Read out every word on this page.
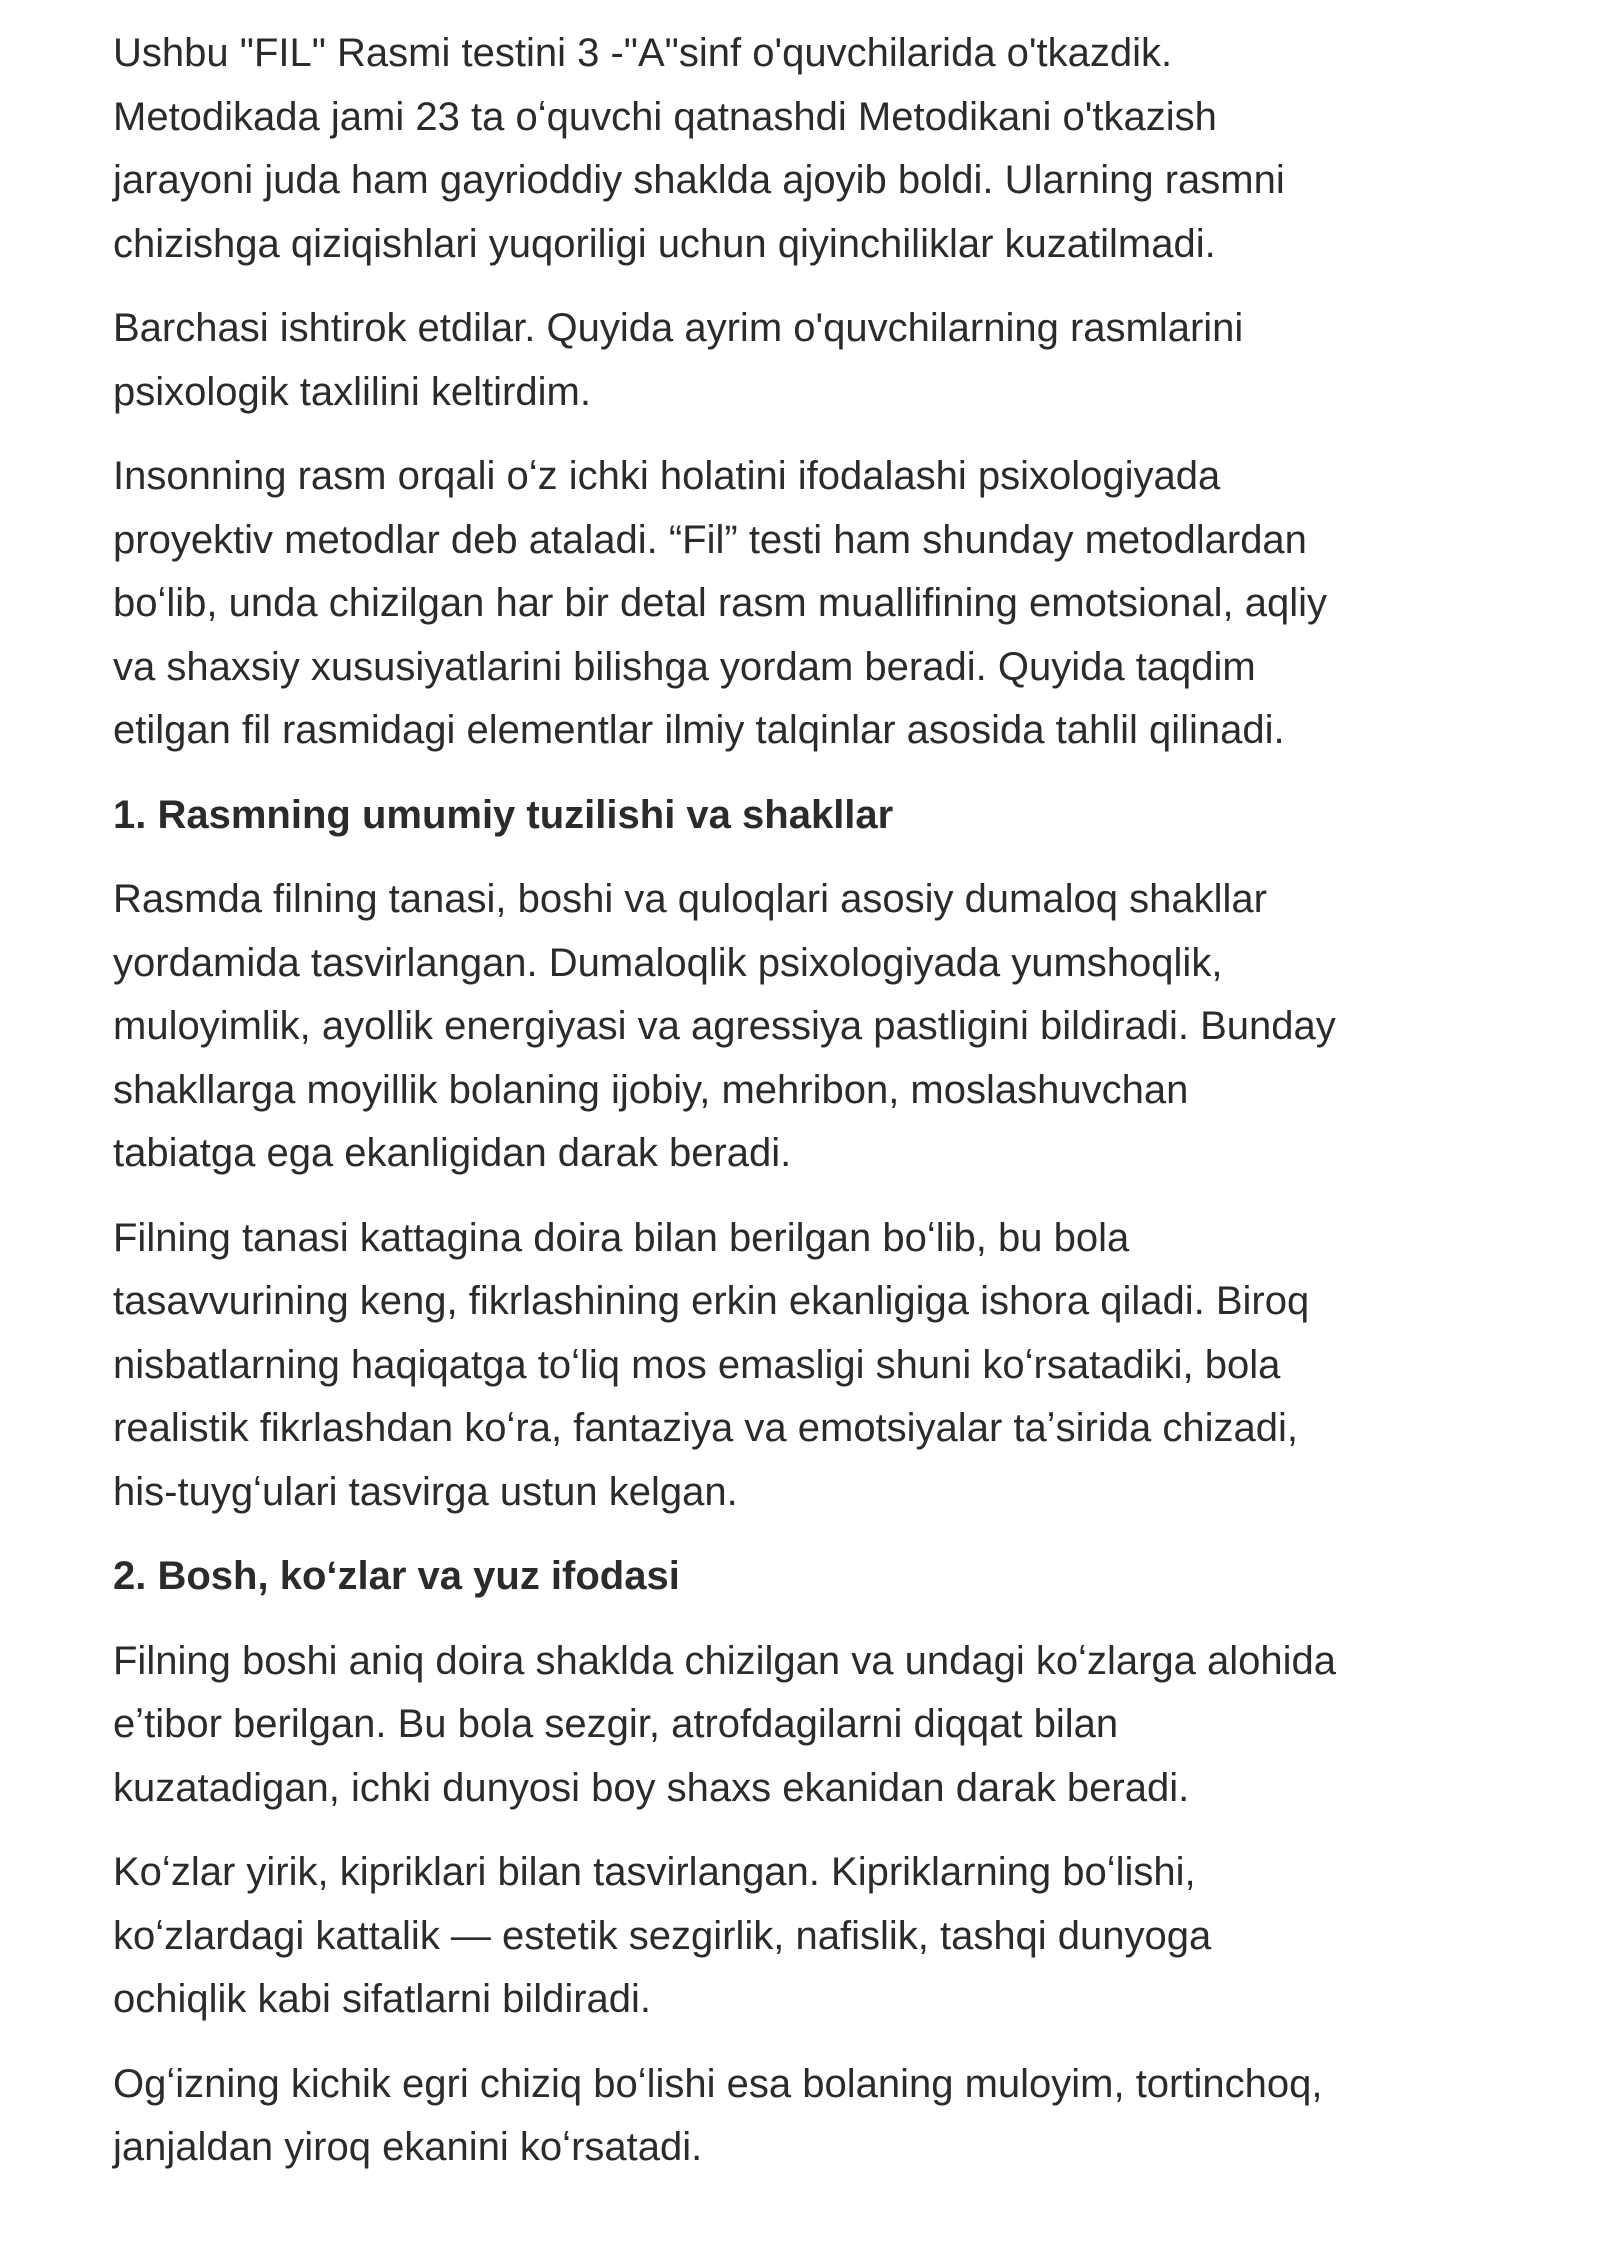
Ushbu "FIL" Rasmi testini 3 -"A"sinf o'quvchilarida o'tkazdik.
Metodikada jami 23 ta oʻquvchi qatnashdi Metodikani o'tkazish
jarayoni juda ham gayrioddiy shaklda ajoyib boldi. Ularning rasmni
chizishga qiziqishlari yuqoriligi uchun qiyinchiliklar kuzatilmadi.
Barchasi ishtirok etdilar. Quyida ayrim o'quvchilarning rasmlarini
psixologik taxlilini keltirdim.
Insonning rasm orqali oʻz ichki holatini ifodalashi psixologiyada
proyektiv metodlar deb ataladi. “Fil” testi ham shunday metodlardan
boʻlib, unda chizilgan har bir detal rasm muallifining emotsional, aqliy
va shaxsiy xususiyatlarini bilishga yordam beradi. Quyida taqdim
etilgan fil rasmidagi elementlar ilmiy talqinlar asosida tahlil qilinadi.
1. Rasmning umumiy tuzilishi va shakllar
Rasmda filning tanasi, boshi va quloqlari asosiy dumaloq shakllar
yordamida tasvirlangan. Dumaloqlik psixologiyada yumshoqlik,
muloyimlik, ayollik energiyasi va agressiya pastligini bildiradi. Bunday
shakllarga moyillik bolaning ijobiy, mehribon, moslashuvchan
tabiatga ega ekanligidan darak beradi.
Filning tanasi kattagina doira bilan berilgan boʻlib, bu bola
tasavvurining keng, fikrlashining erkin ekanligiga ishora qiladi. Biroq
nisbatlarning haqiqatga toʻliq mos emasligi shuni koʻrsatadiki, bola
realistik fikrlashdan koʻra, fantaziya va emotsiyalar taʼsirida chizadi,
his-tuygʻulari tasvirga ustun kelgan.
2. Bosh, koʻzlar va yuz ifodasi
Filning boshi aniq doira shaklda chizilgan va undagi koʻzlarga alohida
eʼtibor berilgan. Bu bola sezgir, atrofdagilarni diqqat bilan
kuzatadigan, ichki dunyosi boy shaxs ekanidan darak beradi.
Koʻzlar yirik, kipriklari bilan tasvirlangan. Kipriklarning boʻlishi,
koʻzlardagi kattalik — estetik sezgirlik, nafislik, tashqi dunyoga
ochiqlik kabi sifatlarni bildiradi.
Ogʻizning kichik egri chiziq boʻlishi esa bolaning muloyim, tortinchoq,
janjaldan yiroq ekanini koʻrsatadi.
